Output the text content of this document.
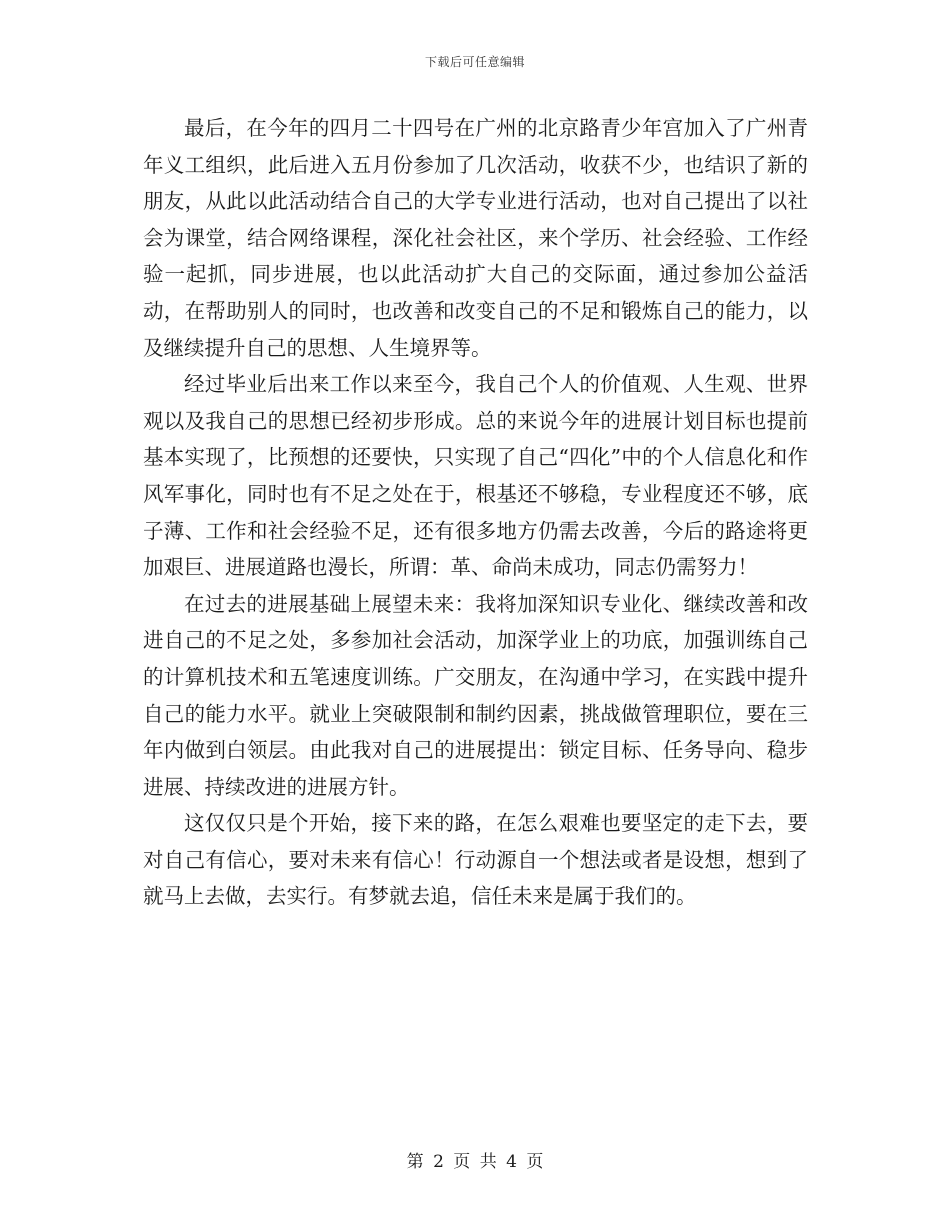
下载后可任意编辑

最后，在今年的四月二十四号在广州的北京路青少年宫加入了广州青年义工组织，此后进入五月份参加了几次活动，收获不少，也结识了新的朋友，从此以此活动结合自己的大学专业进行活动，也对自己提出了以社会为课堂，结合网络课程，深化社会社区，来个学历、社会经验、工作经验一起抓，同步进展，也以此活动扩大自己的交际面，通过参加公益活动，在帮助别人的同时，也改善和改变自己的不足和锻炼自己的能力，以及继续提升自己的思想、人生境界等。

经过毕业后出来工作以来至今，我自己个人的价值观、人生观、世界观以及我自己的思想已经初步形成。总的来说今年的进展计划目标也提前基本实现了，比预想的还要快，只实现了自己“四化”中的个人信息化和作风军事化，同时也有不足之处在于，根基还不够稳，专业程度还不够，底子薄、工作和社会经验不足，还有很多地方仍需去改善，今后的路途将更加艰巨、进展道路也漫长，所谓：革、命尚未成功，同志仍需努力！

在过去的进展基础上展望未来：我将加深知识专业化、继续改善和改进自己的不足之处，多参加社会活动，加深学业上的功底，加强训练自己的计算机技术和五笔速度训练。广交朋友，在沟通中学习，在实践中提升自己的能力水平。就业上突破限制和制约因素，挑战做管理职位，要在三年内做到白领层。由此我对自己的进展提出：锁定目标、任务导向、稳步进展、持续改进的进展方针。

这仅仅只是个开始，接下来的路，在怎么艰难也要坚定的走下去，要对自己有信心，要对未来有信心！行动源自一个想法或者是设想，想到了就马上去做，去实行。有梦就去追，信任未来是属于我们的。

第 2 页 共 4 页
